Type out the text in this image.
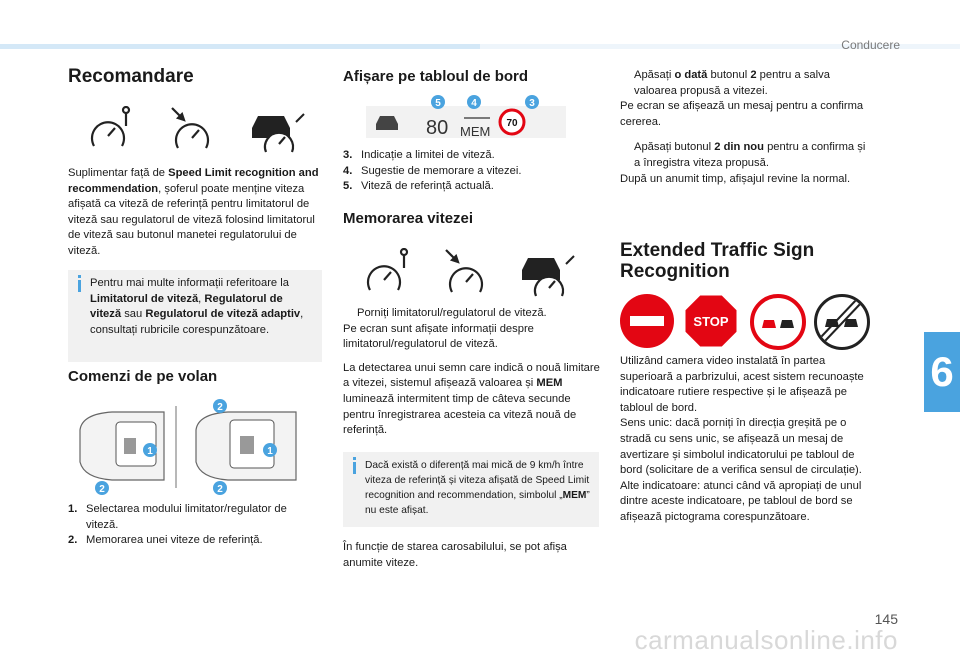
Conducere
6
145
carmanualsonline.info
Recomandare
Suplimentar față de Speed Limit recognition and recommendation, șoferul poate menține viteza afișată ca viteză de referință pentru limitatorul de viteză sau regulatorul de viteză folosind limitatorul de viteză sau butonul manetei regulatorului de viteză.
Pentru mai multe informații referitoare la Limitatorul de viteză, Regulatorul de viteză sau Regulatorul de viteză adaptiv, consultați rubricile corespunzătoare.
Comenzi de pe volan
1
2
2
1
2
1. Selectarea modului limitator/regulator de viteză.
2. Memorarea unei viteze de referință.
Afișare pe tabloul de bord
80 MEM
70
5	4	3
3. Indicație a limitei de viteză.
4. Sugestie de memorare a vitezei.
5. Viteză de referință actuală.
Memorarea vitezei
Porniți limitatorul/regulatorul de viteză.
Pe ecran sunt afișate informații despre limitatorul/regulatorul de viteză.
La detectarea unui semn care indică o nouă limitare a vitezei, sistemul afișează valoarea și MEM luminează intermitent timp de câteva secunde pentru înregistrarea acesteia ca viteză nouă de referință.
Dacă există o diferență mai mică de 9 km/h între viteza de referință și viteza afișată de Speed Limit recognition and recommendation, simbolul „MEM” nu este afișat.
În funcție de starea carosabilului, se pot afișa anumite viteze.
Apăsați o dată butonul 2 pentru a salva valoarea propusă a vitezei.
Pe ecran se afișează un mesaj pentru a confirma cererea.
Apăsați butonul 2 din nou pentru a confirma și a înregistra viteza propusă.
După un anumit timp, afișajul revine la normal.
Extended Traffic Sign
Recognition
STOP
Utilizând camera video instalată în partea superioară a parbrizului, acest sistem recunoaște indicatoare rutiere respective și le afișează pe tabloul de bord.
Sens unic: dacă porniți în direcția greșită pe o stradă cu sens unic, se afișează un mesaj de avertizare și simbolul indicatorului pe tabloul de bord (solicitare de a verifica sensul de circulație).
Alte indicatoare: atunci când vă apropiați de unul dintre aceste indicatoare, pe tabloul de bord se afișează pictograma corespunzătoare.
